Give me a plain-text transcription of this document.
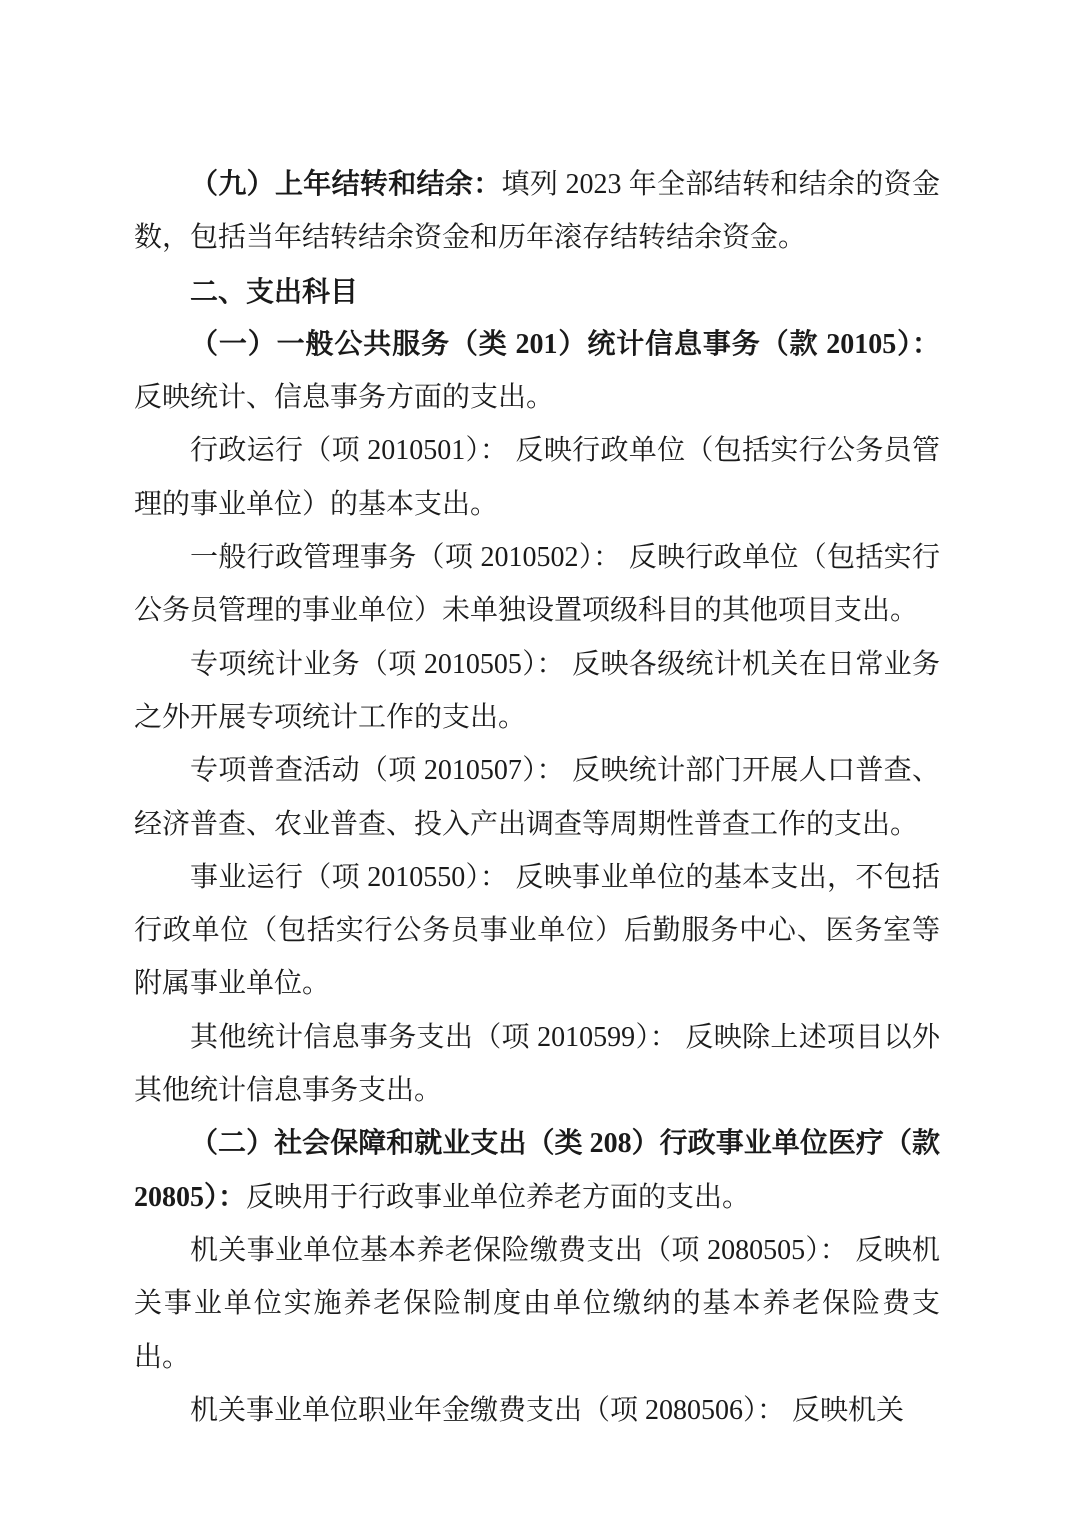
（九）上年结转和结余：填列 2023 年全部结转和结余的资金数，包括当年结转结余资金和历年滚存结转结余资金。

二、支出科目

（一）一般公共服务（类 201）统计信息事务（款 20105）：反映统计、信息事务方面的支出。

行政运行（项 2010501）： 反映行政单位（包括实行公务员管理的事业单位）的基本支出。

一般行政管理事务（项 2010502）： 反映行政单位（包括实行公务员管理的事业单位）未单独设置项级科目的其他项目支出。

专项统计业务（项 2010505）： 反映各级统计机关在日常业务之外开展专项统计工作的支出。

专项普查活动（项 2010507）： 反映统计部门开展人口普查、经济普查、农业普查、投入产出调查等周期性普查工作的支出。

事业运行（项 2010550）： 反映事业单位的基本支出，不包括行政单位（包括实行公务员事业单位）后勤服务中心、医务室等附属事业单位。

其他统计信息事务支出（项 2010599）： 反映除上述项目以外其他统计信息事务支出。

（二）社会保障和就业支出（类 208）行政事业单位医疗（款 20805）：反映用于行政事业单位养老方面的支出。

机关事业单位基本养老保险缴费支出（项 2080505）： 反映机关事业单位实施养老保险制度由单位缴纳的基本养老保险费支出。

机关事业单位职业年金缴费支出（项 2080506）： 反映机关
